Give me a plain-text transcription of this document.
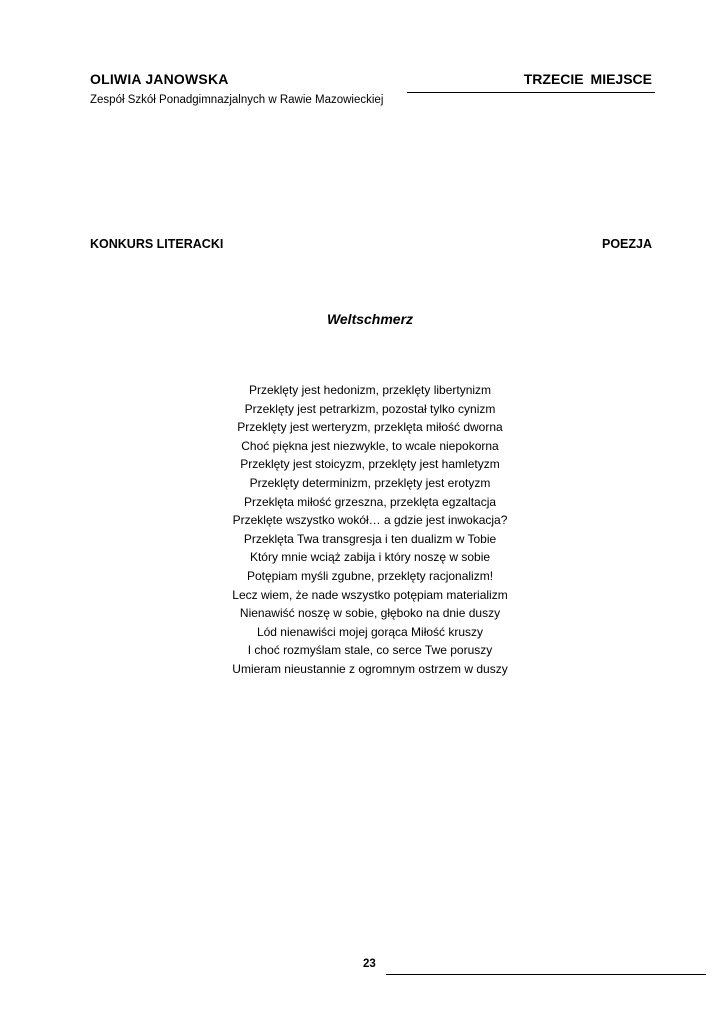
OLIWIA JANOWSKA
Zespół Szkół Ponadgimnazjalnych w Rawie Mazowieckiej
TRZECIE MIEJSCE
KONKURS LITERACKI	POEZJA
Weltschmerz
Przeklęty jest hedonizm, przeklęty libertynizm
Przeklęty jest petrarkizm, pozostał tylko cynizm
Przeklęty jest werteryzm, przeklęta miłość dworna
Choć piękna jest niezwykle, to wcale niepokorna
Przeklęty jest stoicyzm, przeklęty jest hamletyzm
Przeklęty determinizm, przeklęty jest erotyzm
Przeklęta miłość grzeszna, przeklęta egzaltacja
Przeklęte wszystko wokół… a gdzie jest inwokacja?
Przeklęta Twa transgresja i ten dualizm w Tobie
Który mnie wciąż zabija i który noszę w sobie
Potępiam myśli zgubne, przeklęty racjonalizm!
Lecz wiem, że nade wszystko potępiam materializm
Nienawiść noszę w sobie, głęboko na dnie duszy
Lód nienawiści mojej gorąca Miłość kruszy
I choć rozmyślam stale, co serce Twe poruszy
Umieram nieustannie z ogromnym ostrzem w duszy
23
